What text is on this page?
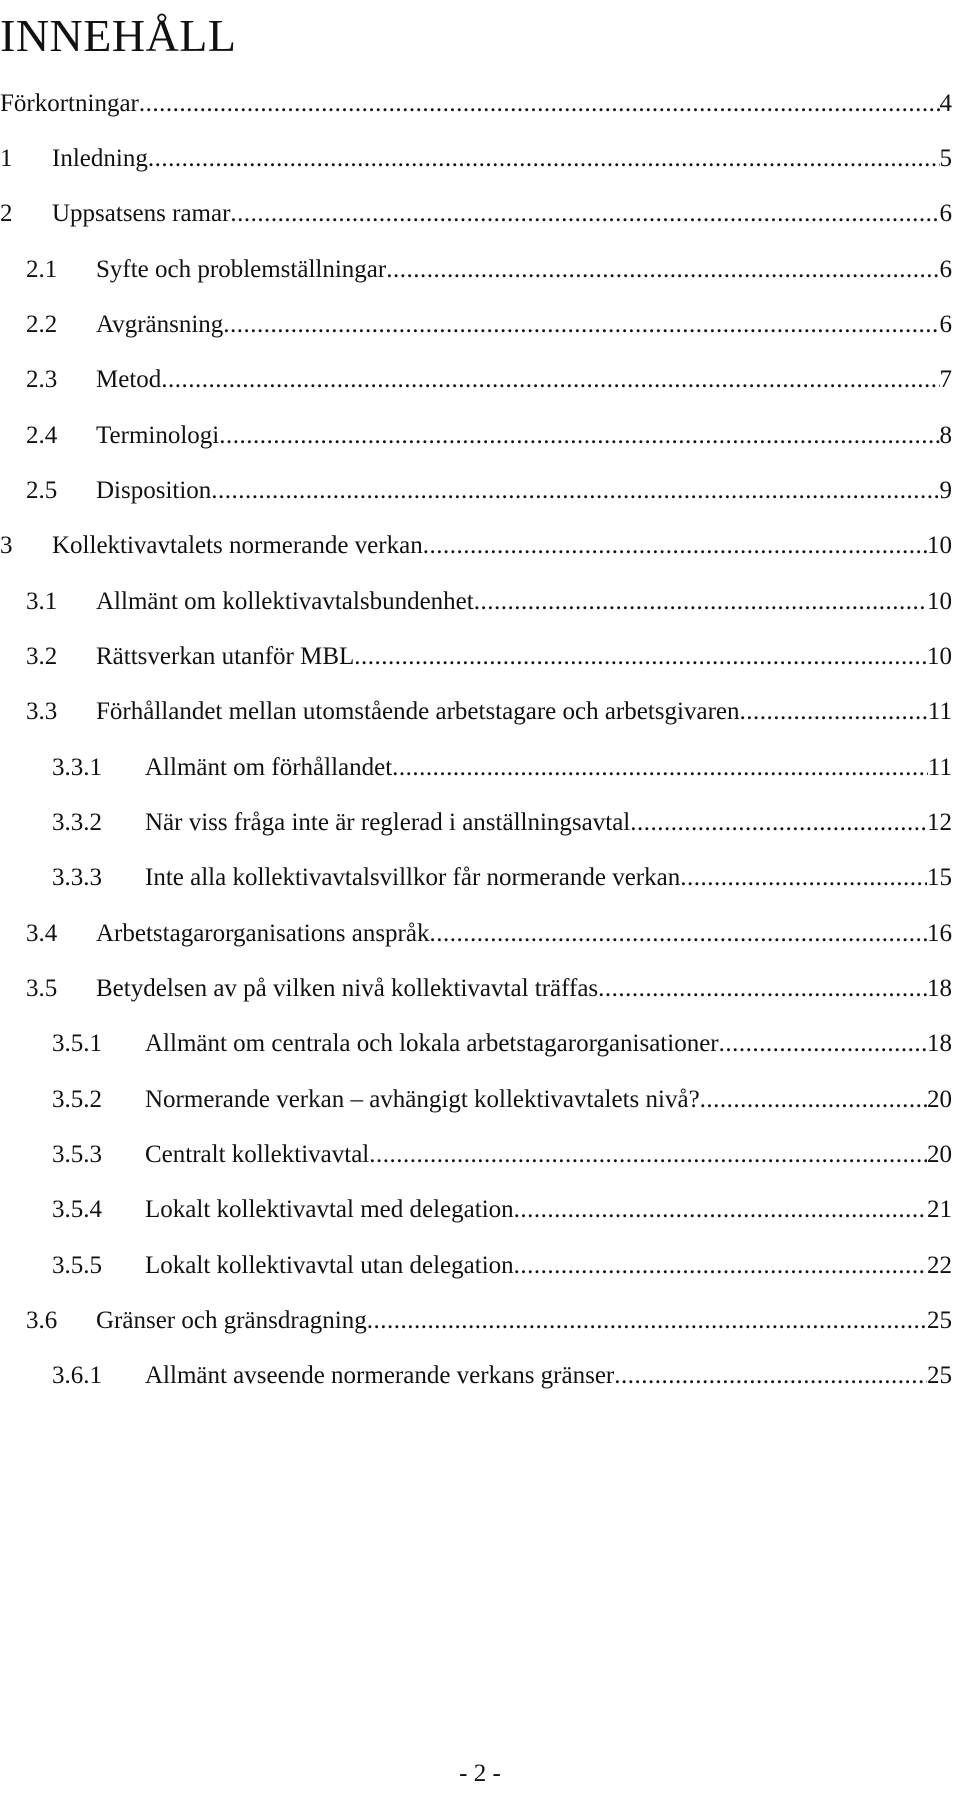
INNEHÅLL
Förkortningar .....	4
1 Inledning .....	5
2 Uppsatsens ramar .....	6
2.1 Syfte och problemställningar .....	6
2.2 Avgränsning .....	6
2.3 Metod .....	7
2.4 Terminologi .....	8
2.5 Disposition .....	9
3 Kollektivavtalets normerande verkan .....	10
3.1 Allmänt om kollektivavtalsbundenhet .....	10
3.2 Rättsverkan utanför MBL .....	10
3.3 Förhållandet mellan utomstående arbetstagare och arbetsgivaren .....	11
3.3.1 Allmänt om förhållandet .....	11
3.3.2 När viss fråga inte är reglerad i anställningsavtal .....	12
3.3.3 Inte alla kollektivavtalsvillkor får normerande verkan .....	15
3.4 Arbetstagarorganisations anspråk .....	16
3.5 Betydelsen av på vilken nivå kollektivavtal träffas .....	18
3.5.1 Allmänt om centrala och lokala arbetstagarorganisationer .....	18
3.5.2 Normerande verkan – avhängigt kollektivavtalets nivå? .....	20
3.5.3 Centralt kollektivavtal .....	20
3.5.4 Lokalt kollektivavtal med delegation .....	21
3.5.5 Lokalt kollektivavtal utan delegation .....	22
3.6 Gränser och gränsdragning .....	25
3.6.1 Allmänt avseende normerande verkans gränser .....	25
- 2 -
